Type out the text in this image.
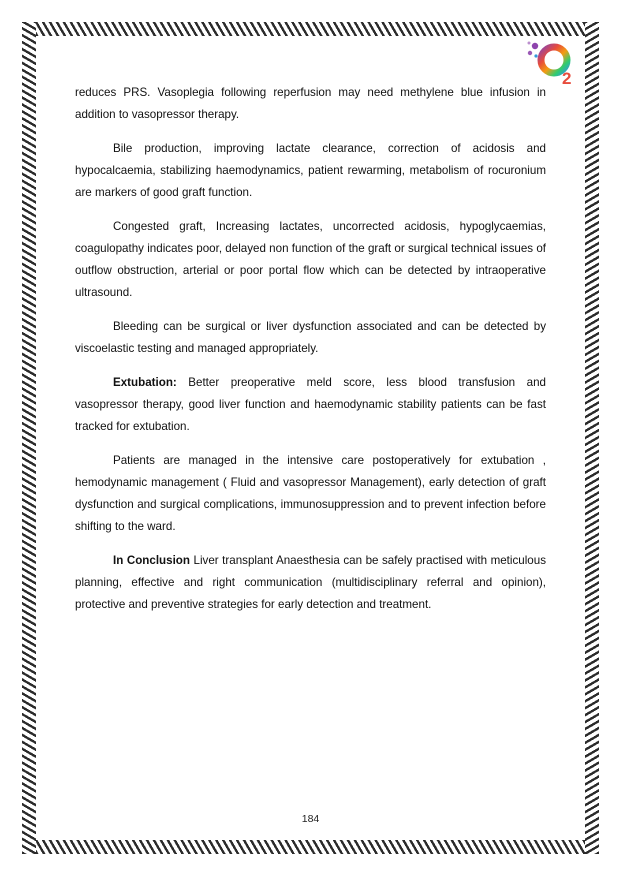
2

reduces PRS. Vasoplegia following reperfusion may need methylene blue infusion in addition to vasopressor therapy.

Bile production, improving lactate clearance, correction of acidosis and hypocalcaemia, stabilizing haemodynamics, patient rewarming, metabolism of rocuronium are markers of good graft function.

Congested graft, Increasing lactates, uncorrected acidosis, hypoglycaemias, coagulopathy indicates poor, delayed non function of the graft or surgical technical issues of outflow obstruction, arterial or poor portal flow which can be detected by intraoperative ultrasound.

Bleeding can be surgical or liver dysfunction associated and can be detected by viscoelastic testing and managed appropriately.

Extubation: Better preoperative meld score, less blood transfusion and vasopressor therapy, good liver function and haemodynamic stability patients can be fast tracked for extubation.

Patients are managed in the intensive care postoperatively for extubation , hemodynamic management ( Fluid and vasopressor Management), early detection of graft dysfunction and surgical complications, immunosuppression and to prevent infection before shifting to the ward.

In Conclusion Liver transplant Anaesthesia can be safely practised with meticulous planning, effective and right communication (multidisciplinary referral and opinion), protective and preventive strategies for early detection and treatment.

184
